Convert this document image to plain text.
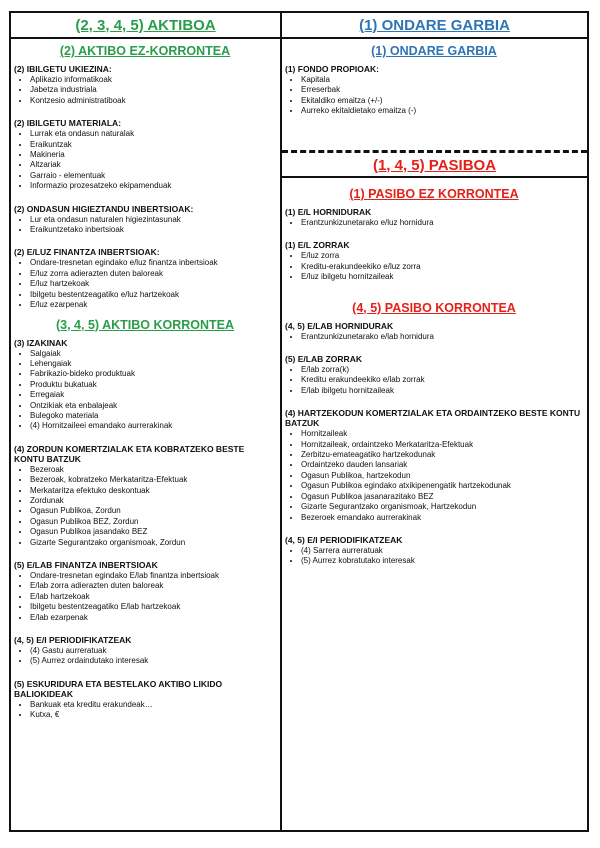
(2, 3, 4, 5) AKTIBOA
(2) AKTIBO EZ-KORRONTEA
(2) IBILGETU UKIEZINA:
• Aplikazio informatikoak
• Jabetza industriala
• Kontzesio administratiboak
(2) IBILGETU MATERIALA:
• Lurrak eta ondasun naturalak
• Eraikuntzak
• Makineria
• Altzariak
• Garraio - elementuak
• Informazio prozesatzeko ekipamenduak
(2) ONDASUN HIGIEZTANDU INBERTSIOAK:
• Lur eta ondasun naturalen higiezintasunak
• Eraikuntzetako inbertsioak
(2) E/LUZ FINANTZA INBERTSIOAK:
• Ondare-tresnetan egindako e/luz finantza inbertsioak
• E/luz zorra adierazten duten baloreak
• E/luz hartzekoak
• Ibilgetu bestentzeagatiko e/luz hartzekoak
• E/luz ezarpenak
(3, 4, 5) AKTIBO KORRONTEA
(3) IZAKINAK
• Salgaiak
• Lehengaiak
• Fabrikazio-bideko produktuak
• Produktu bukatuak
• Erregaiak
• Ontzikiak eta enbalajeak
• Bulegoko materiala
• (4) Hornitzaileei emandako aurrerakinak
(4) ZORDUN KOMERTZIALAK ETA KOBRATZEKO BESTE KONTU BATZUK
• Bezeroak
• Bezeroak, kobratzeko Merkataritza-Efektuak
• Merkataritza efektuko deskontuak
• Zordunak
• Ogasun Publikoa, Zordun
• Ogasun Publikoa BEZ, Zordun
• Ogasun Publikoa jasandako BEZ
• Gizarte Segurantzako organismoak, Zordun
(5) E/LAB FINANTZA INBERTSIOAK
• Ondare-tresnetan egindako E/lab finantza inbertsioak
• E/lab zorra adierazten duten baloreak
• E/lab hartzekoak
• Ibilgetu bestentzeagatiko E/lab hartzekoak
• E/lab ezarpenak
(4, 5) E/I PERIODIFIKATZEAK
• (4) Gastu aurreratuak
• (5) Aurrez ordaindutako interesak
(5) ESKURIDURA ETA BESTELAKO AKTIBO LIKIDO BALIOKIDEAK
• Bankuak eta kreditu erakundeak…
• Kutxa, €
(1) ONDARE GARBIA
(1) ONDARE GARBIA
(1) FONDO PROPIOAK:
• Kapitala
• Erreserbak
• Ekitaldiko emaitza (+/-)
• Aurreko ekitaldietako emaitza (-)
(1, 4, 5) PASIBOA
(1) PASIBO EZ KORRONTEA
(1) E/L HORNIDURAK
• Erantzunkizunetarako e/luz hornidura
(1) E/L ZORRAK
• E/luz zorra
• Kreditu-erakundeekiko e/luz zorra
• E/luz ibilgetu hornitzaileak
(4, 5) PASIBO KORRONTEA
(4, 5) E/LAB HORNIDURAK
• Erantzunkizunetarako e/lab hornidura
(5) E/LAB ZORRAK
• E/lab zorra(k)
• Kreditu erakundeekiko e/lab zorrak
• E/lab ibilgetu hornitzaileak
(4) HARTZEKODUN KOMERTZIALAK ETA ORDAINTZEKO BESTE KONTU BATZUK
• Hornitzaileak
• Hornitzaileak, ordaintzeko Merkataritza-Efektuak
• Zerbitzu-emateagatiko hartzekodunak
• Ordaintzeko dauden lansariak
• Ogasun Publikoa, hartzekodun
• Ogasun Publikoa egindako atxikipenengatik hartzekodunak
• Ogasun Publikoa jasanarazitako BEZ
• Gizarte Segurantzako organismoak, Hartzekodun
• Bezeroek emandako aurrerakinak
(4, 5) E/I PERIODIFIKATZEAK
• (4) Sarrera aurreratuak
• (5) Aurrez kobratutako interesak
